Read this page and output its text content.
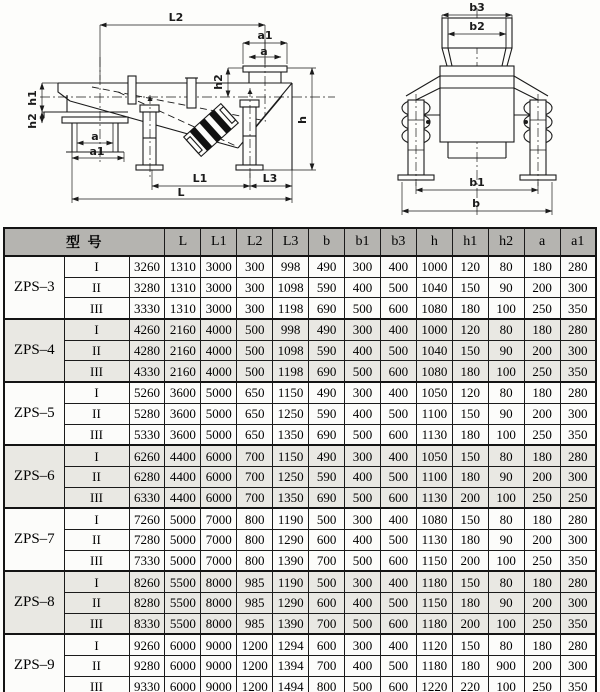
L2
a1
a
h2
h1
h2
a
a1
L1	L3
L
h
b3
b2
b1
b
型 号			L	L1	L2	L3	b	b1	b3	h	h1	h2	a	a1
ZPS–3	I	3260	1310	3000	300	998	490	300	400	1000	120	80	180	280
	II	3280	1310	3000	300	1098	590	400	500	1040	150	90	200	300
	III	3330	1310	3000	300	1198	690	500	600	1080	180	100	250	350
ZPS–4	I	4260	2160	4000	500	998	490	300	400	1000	120	80	180	280
	II	4280	2160	4000	500	1098	590	400	500	1040	150	90	200	300
	III	4330	2160	4000	500	1198	690	500	600	1080	180	100	250	350
ZPS–5	I	5260	3600	5000	650	1150	490	300	400	1050	120	80	180	280
	II	5280	3600	5000	650	1250	590	400	500	1100	150	90	200	300
	III	5330	3600	5000	650	1350	690	500	600	1130	180	100	250	350
ZPS–6	I	6260	4400	6000	700	1150	490	300	400	1050	150	80	180	280
	II	6280	4400	6000	700	1250	590	400	500	1100	180	90	200	300
	III	6330	4400	6000	700	1350	690	500	600	1130	200	100	250	250
ZPS–7	I	7260	5000	7000	800	1190	500	300	400	1080	150	80	180	280
	II	7280	5000	7000	800	1290	600	400	500	1130	180	90	200	300
	III	7330	5000	7000	800	1390	700	500	600	1150	200	100	250	350
ZPS–8	I	8260	5500	8000	985	1190	500	300	400	1180	150	80	180	280
	II	8280	5500	8000	985	1290	600	400	500	1150	180	90	200	300
	III	8330	5500	8000	985	1390	700	500	600	1180	200	100	250	350
ZPS–9	I	9260	6000	9000	1200	1294	600	300	400	1120	150	80	180	280
	II	9280	6000	9000	1200	1394	700	400	500	1180	180	900	200	300
	III	9330	6000	9000	1200	1494	800	500	600	1220	220	100	250	350
